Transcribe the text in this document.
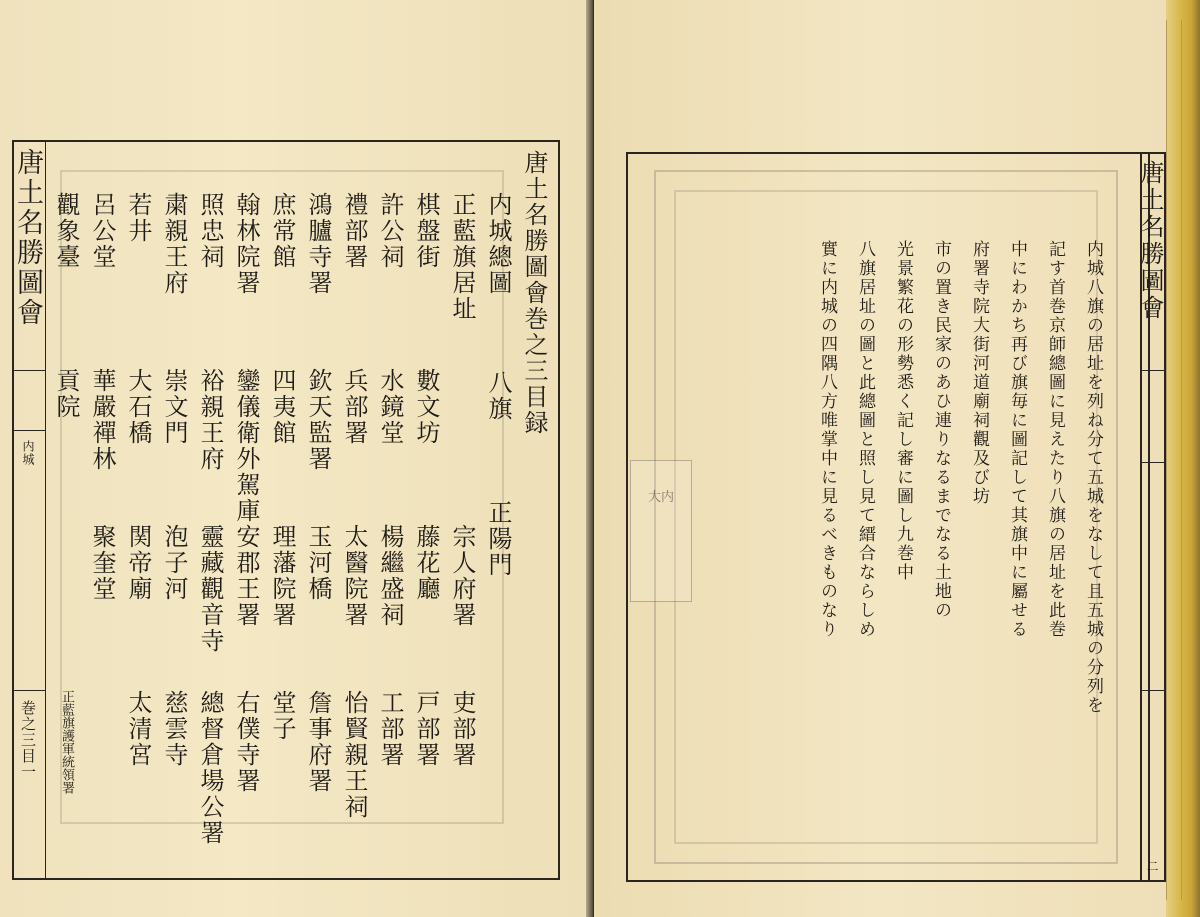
唐土名勝圖會
内城
巻之三目一
唐土名勝圖會巻之三目録
内城總圖
八旗
正藍旗居址
棋盤街
許公祠
禮部署
鴻臚寺署
庶常館
翰林院署
照忠祠
粛親王府
若井
呂公堂
觀象臺
數文坊
水鏡堂
兵部署
欽天監署
四夷館
鑾儀衛外駕庫
裕親王府
崇文門
大石橋
華嚴禪林
貢院
正陽門
宗人府署
藤花廳
楊繼盛祠
太醫院署
玉河橋
理藩院署
安郡王署
靈藏觀音寺
泡子河
関帝廟
聚奎堂
吏部署
戸部署
工部署
怡賢親王祠
詹事府署
堂子
右僕寺署
總督倉場公署
慈雲寺
太清宮
正藍旗護軍統領署
大内
唐土名勝圖會
二
内城八旗の居址を列ね分て五城をなして且五城の分列を
記す首巻京師總圖に見えたり八旗の居址を此巻
中にわかち再び旗毎に圖記して其旗中に屬せる
府署寺院大街河道廟祠觀及び坊
市の置き民家のあひ連りなるまでなる土地の
光景繁花の形勢悉く記し審に圖し九巻中
八旗居址の圖と此總圖と照し見て縉合ならしめ
實に内城の四隅八方唯掌中に見るべきものなり
